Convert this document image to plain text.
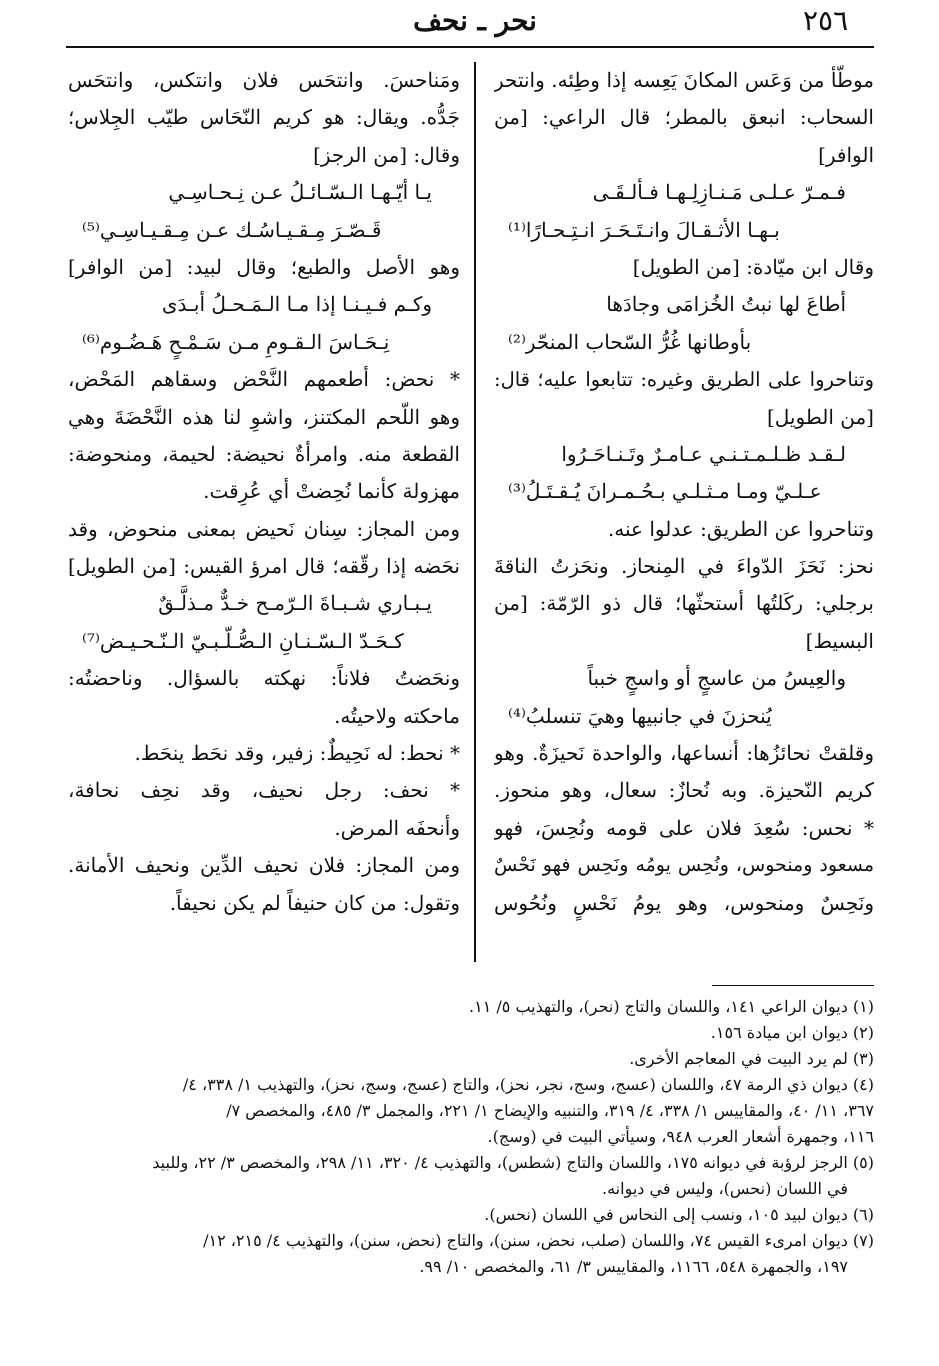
٢٥٦
نحر ـ نحف
موطّأ من وَعَس المكانَ يَعِسه إذا وطِئه. وانتحر
السحاب: انبعق بالمطر؛ قال الراعي: [من
الوافر]
فـمـرّ عـلـى مَـنـازِلِـهـا فـألـقَـى
بـهـا الأثـقـالَ وانـتَـحَـرَ انـتِـحـارًا⁽¹⁾
وقال ابن ميّادة: [من الطويل]
أطاعَ لها نبتُ الخُزامَى وجادَها
بأوطانها غُرُّ السّحاب المنحّر⁽²⁾
وتناحروا على الطريق وغيره: تتابعوا عليه؛ قال:
[من الطويل]
لـقـد ظـلـمـتـنـي عـامـرٌ وتَـنـاحَـرُوا
عـلـيّ ومـا مـثـلـي بـحُـمـرانَ يُـقـتَـلُ⁽³⁾
وتناحروا عن الطريق: عدلوا عنه.
نحز: نَحَزَ الدّواءَ في المِنحاز. ونحَزتُ الناقةَ
برجلي: ركَلتُها أستحثّها؛ قال ذو الرّمّة: [من
البسيط]
والعِيسُ من عاسجٍ أو واسجٍ خبباً
يُنحزنَ في جانبيها وهيَ تنسلبُ⁽⁴⁾
وقلقتْ نحائزُها: أنساعها، والواحدة نَحيزَةٌ. وهو
كريم النّحيزة. وبه نُحازٌ: سعال، وهو منحوز.
* نحس: سُعِدَ فلان على قومه ونُحِسَ، فهو
مسعود ومنحوس، ونُحِس يومُه ونَحِس فهو نَحْسٌ
ونَحِسٌ ومنحوس، وهو يومُ نَحْسٍ ونُحُوس
ومَناحسَ. وانتحَس فلان وانتكس، وانتحَس
جَدُّه. ويقال: هو كريم النّحَاس طيّب الجِلاس؛
وقال: [من الرجز]
يـا أيّـهـا الـسّـائـلُ عـن نِـحـاسِـي
قَـصّـرَ مِـقـيـاسُـك عـن مِـقـيـاسِـي⁽⁵⁾
وهو الأصل والطبع؛ وقال لبيد: [من الوافر]
وكـم فـيـنـا إذا مـا الـمَـحـلُ أبـدَى
نِـحَـاسَ الـقـومِ مـن سَـمْـحٍ هَـضُـوم⁽⁶⁾
* نحض: أطعمهم النَّحْض وسقاهم المَحْض،
وهو اللّحم المكتنز، واشوِ لنا هذه النَّحْضَةَ وهي
القطعة منه. وامرأةٌ نحيضة: لحيمة، ومنحوضة:
مهزولة كأنما نُحِضتْ أي عُرِقت.
ومن المجاز: سِنان نَحيض بمعنى منحوض، وقد
نحَضه إذا رقّقه؛ قال امرؤ القيس: [من الطويل]
يـبـاري شـبـاةَ الـرّمـح خـدٌّ مـذلَّـقٌ
كـحَـدّ الـسّـنـانِ الـصُّـلّـبـيّ الـنّـحـيـض⁽⁷⁾
ونحَضتُ فلاناً: نهكته بالسؤال. وناحضتُه:
ماحكته ولاحيتُه.
* نحط: له نَحِيطٌ: زفير، وقد نحَط ينحَط.
* نحف: رجل نحيف، وقد نحِف نحافة،
وأنحفَه المرض.
ومن المجاز: فلان نحيف الدِّين ونحيف الأمانة.
وتقول: من كان حنيفاً لم يكن نحيفاً.
(١) ديوان الراعي ١٤١، واللسان والتاج (نحر)، والتهذيب ٥/ ١١.
(٢) ديوان ابن ميادة ١٥٦.
(٣) لم يرد البيت في المعاجم الأخرى.
(٤) ديوان ذي الرمة ٤٧، واللسان (عسج، وسج، نجر، نحز)، والتاج (عسج، وسج، نحز)، والتهذيب ١/ ٣٣٨، ٤/
٣٦٧، ١١/ ٤٠، والمقاييس ١/ ٣٣٨، ٤/ ٣١٩، والتنبيه والإيضاح ١/ ٢٢١، والمجمل ٣/ ٤٨٥، والمخصص ٧/
١١٦، وجمهرة أشعار العرب ٩٤٨، وسيأتي البيت في (وسج).
(٥) الرجز لرؤبة في ديوانه ١٧٥، واللسان والتاج (شطس)، والتهذيب ٤/ ٣٢٠، ١١/ ٢٩٨، والمخصص ٣/ ٢٢، وللبيد
في اللسان (نحس)، وليس في ديوانه.
(٦) ديوان لبيد ١٠٥، ونسب إلى النحاس في اللسان (نحس).
(٧) ديوان امرىء القيس ٧٤، واللسان (صلب، نحض، سنن)، والتاج (نحض، سنن)، والتهذيب ٤/ ٢١٥، ١٢/
١٩٧، والجمهرة ٥٤٨، ١١٦٦، والمقاييس ٣/ ٦١، والمخصص ١٠/ ٩٩.
